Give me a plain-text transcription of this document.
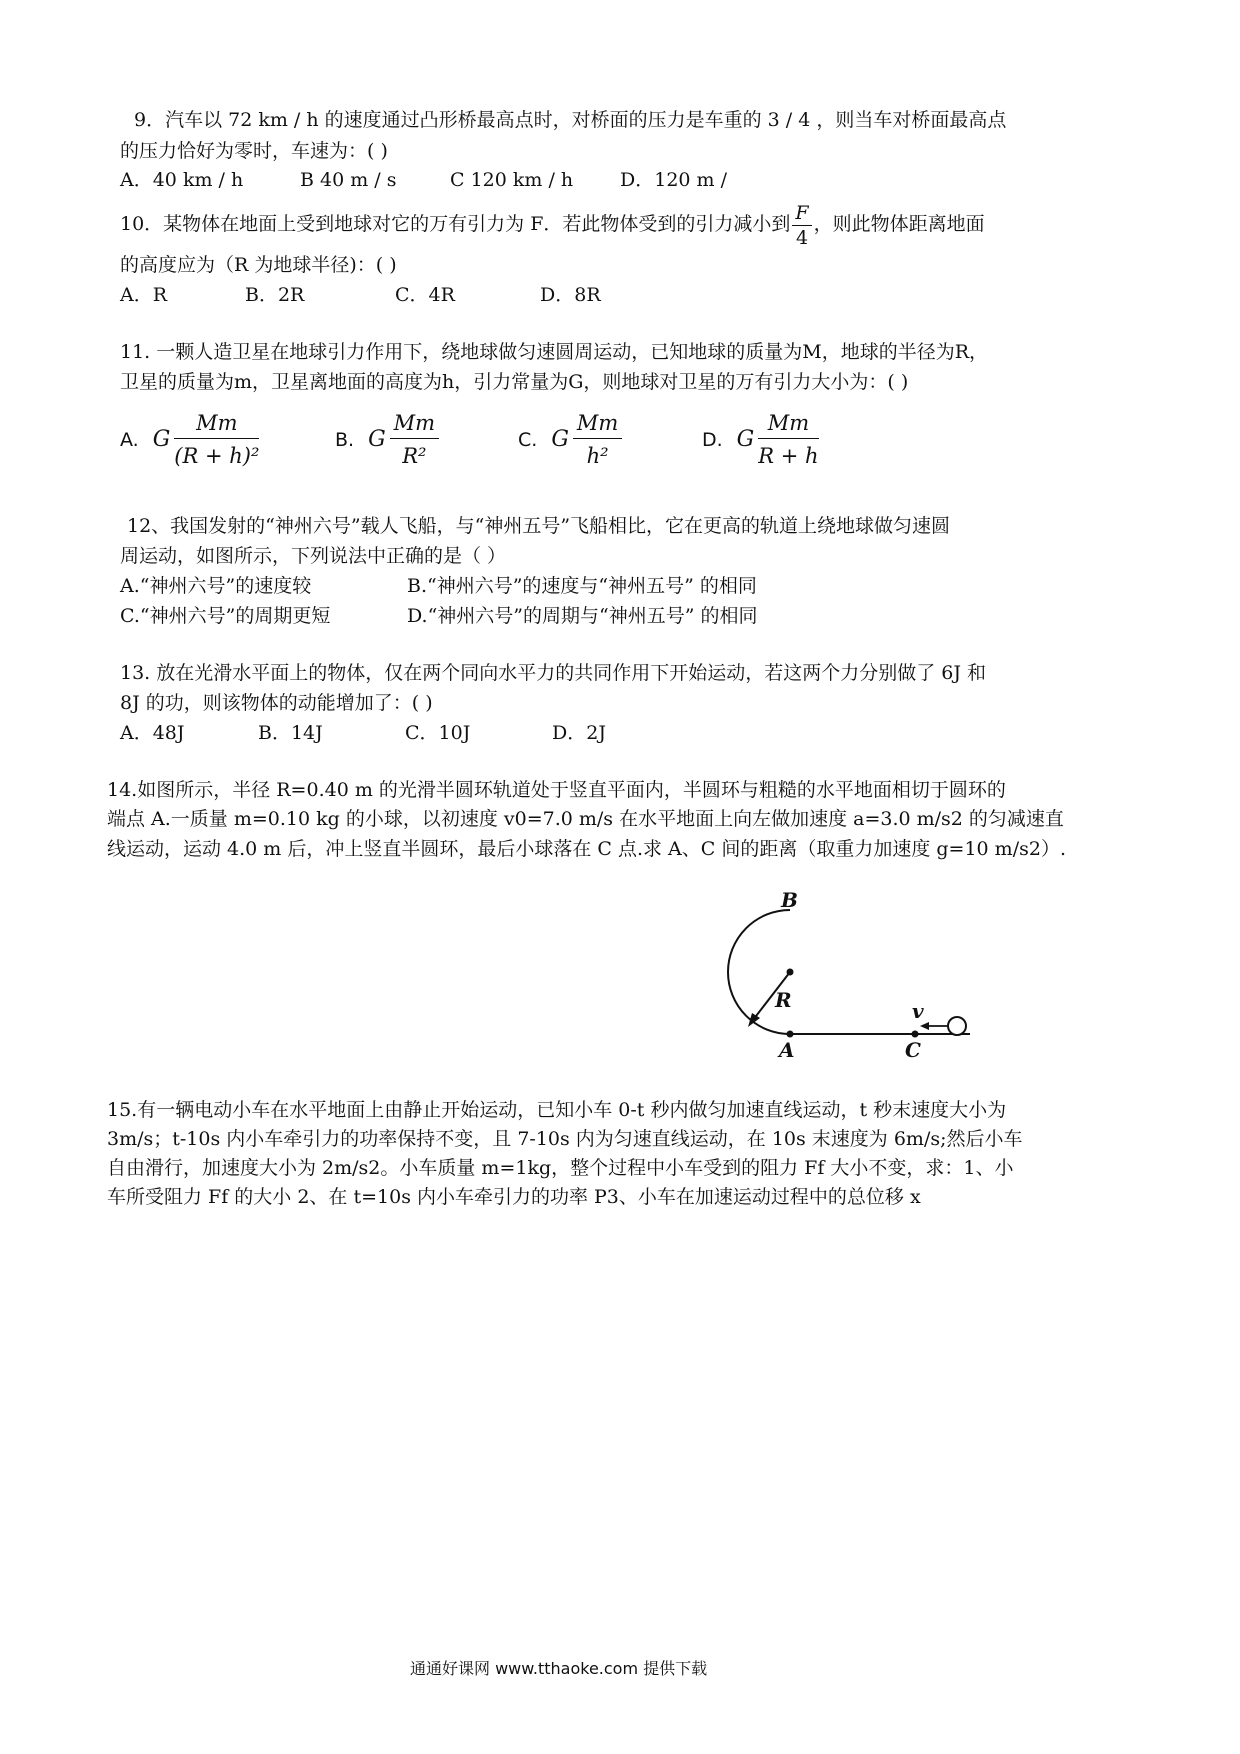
9．汽车以 72 km / h 的速度通过凸形桥最高点时，对桥面的压力是车重的 3 / 4 ，则当车对桥面最高点
的压力恰好为零时，车速为：( )
A．40 km / h	B 40 m / s	C 120 km / h D．120 m /
10．某物体在地面上受到地球对它的万有引力为 F．若此物体受到的引力减小到 $\frac{F}{4}$ ，则此物体距离地面
的高度应为（R 为地球半径)：( )
A．R	B．2R	C．4R	D．8R
11. 一颗人造卫星在地球引力作用下，绕地球做匀速圆周运动，已知地球的质量为M，地球的半径为R，
卫星的质量为m，卫星离地面的高度为h，引力常量为G，则地球对卫星的万有引力大小为：( )
A. G $\frac{Mm}{\text{(R + h)²}}$	B. G $\frac{Mm}{\text{R²}}$	C. G $\frac{Mm}{\text{h²}}$	D. G $\frac{Mm}{R + h}$
12、我国发射的“神州六号”载人飞船，与“神州五号”飞船相比，它在更高的轨道上绕地球做匀速圆
周运动，如图所示，下列说法中正确的是（ ）
A.“神州六号”的速度较	B.“神州六号”的速度与“神州五号” 的相同
C.“神州六号”的周期更短	D.“神州六号”的周期与“神州五号” 的相同
13. 放在光滑水平面上的物体，仅在两个同向水平力的共同作用下开始运动，若这两个力分别做了 6J 和
8J 的功，则该物体的动能增加了：( )
A．48J	B．14J	C．10J	D．2J
14.如图所示，半径 R=0.40 m 的光滑半圆环轨道处于竖直平面内，半圆环与粗糙的水平地面相切于圆环的
端点 A.一质量 m=0.10 kg 的小球，以初速度 v0=7.0 m/s 在水平地面上向左做加速度 a=3.0 m/s2 的匀减速直
线运动，运动 4.0 m 后，冲上竖直半圆环，最后小球落在 C 点.求 A、C 间的距离（取重力加速度 g=10 m/s2）.
B
R	v
A	C
15.有一辆电动小车在水平地面上由静止开始运动，已知小车 0-t 秒内做匀加速直线运动，t 秒末速度大小为
3m/s；t-10s 内小车牵引力的功率保持不变，且 7-10s 内为匀速直线运动，在 10s 末速度为 6m/s;然后小车
自由滑行，加速度大小为 2m/s2。小车质量 m=1kg，整个过程中小车受到的阻力 Ff 大小不变，求：1、小
车所受阻力 Ff 的大小 2、在 t=10s 内小车牵引力的功率 P3、小车在加速运动过程中的总位移 x
通通好课网 www.tthaoke.com 提供下载
